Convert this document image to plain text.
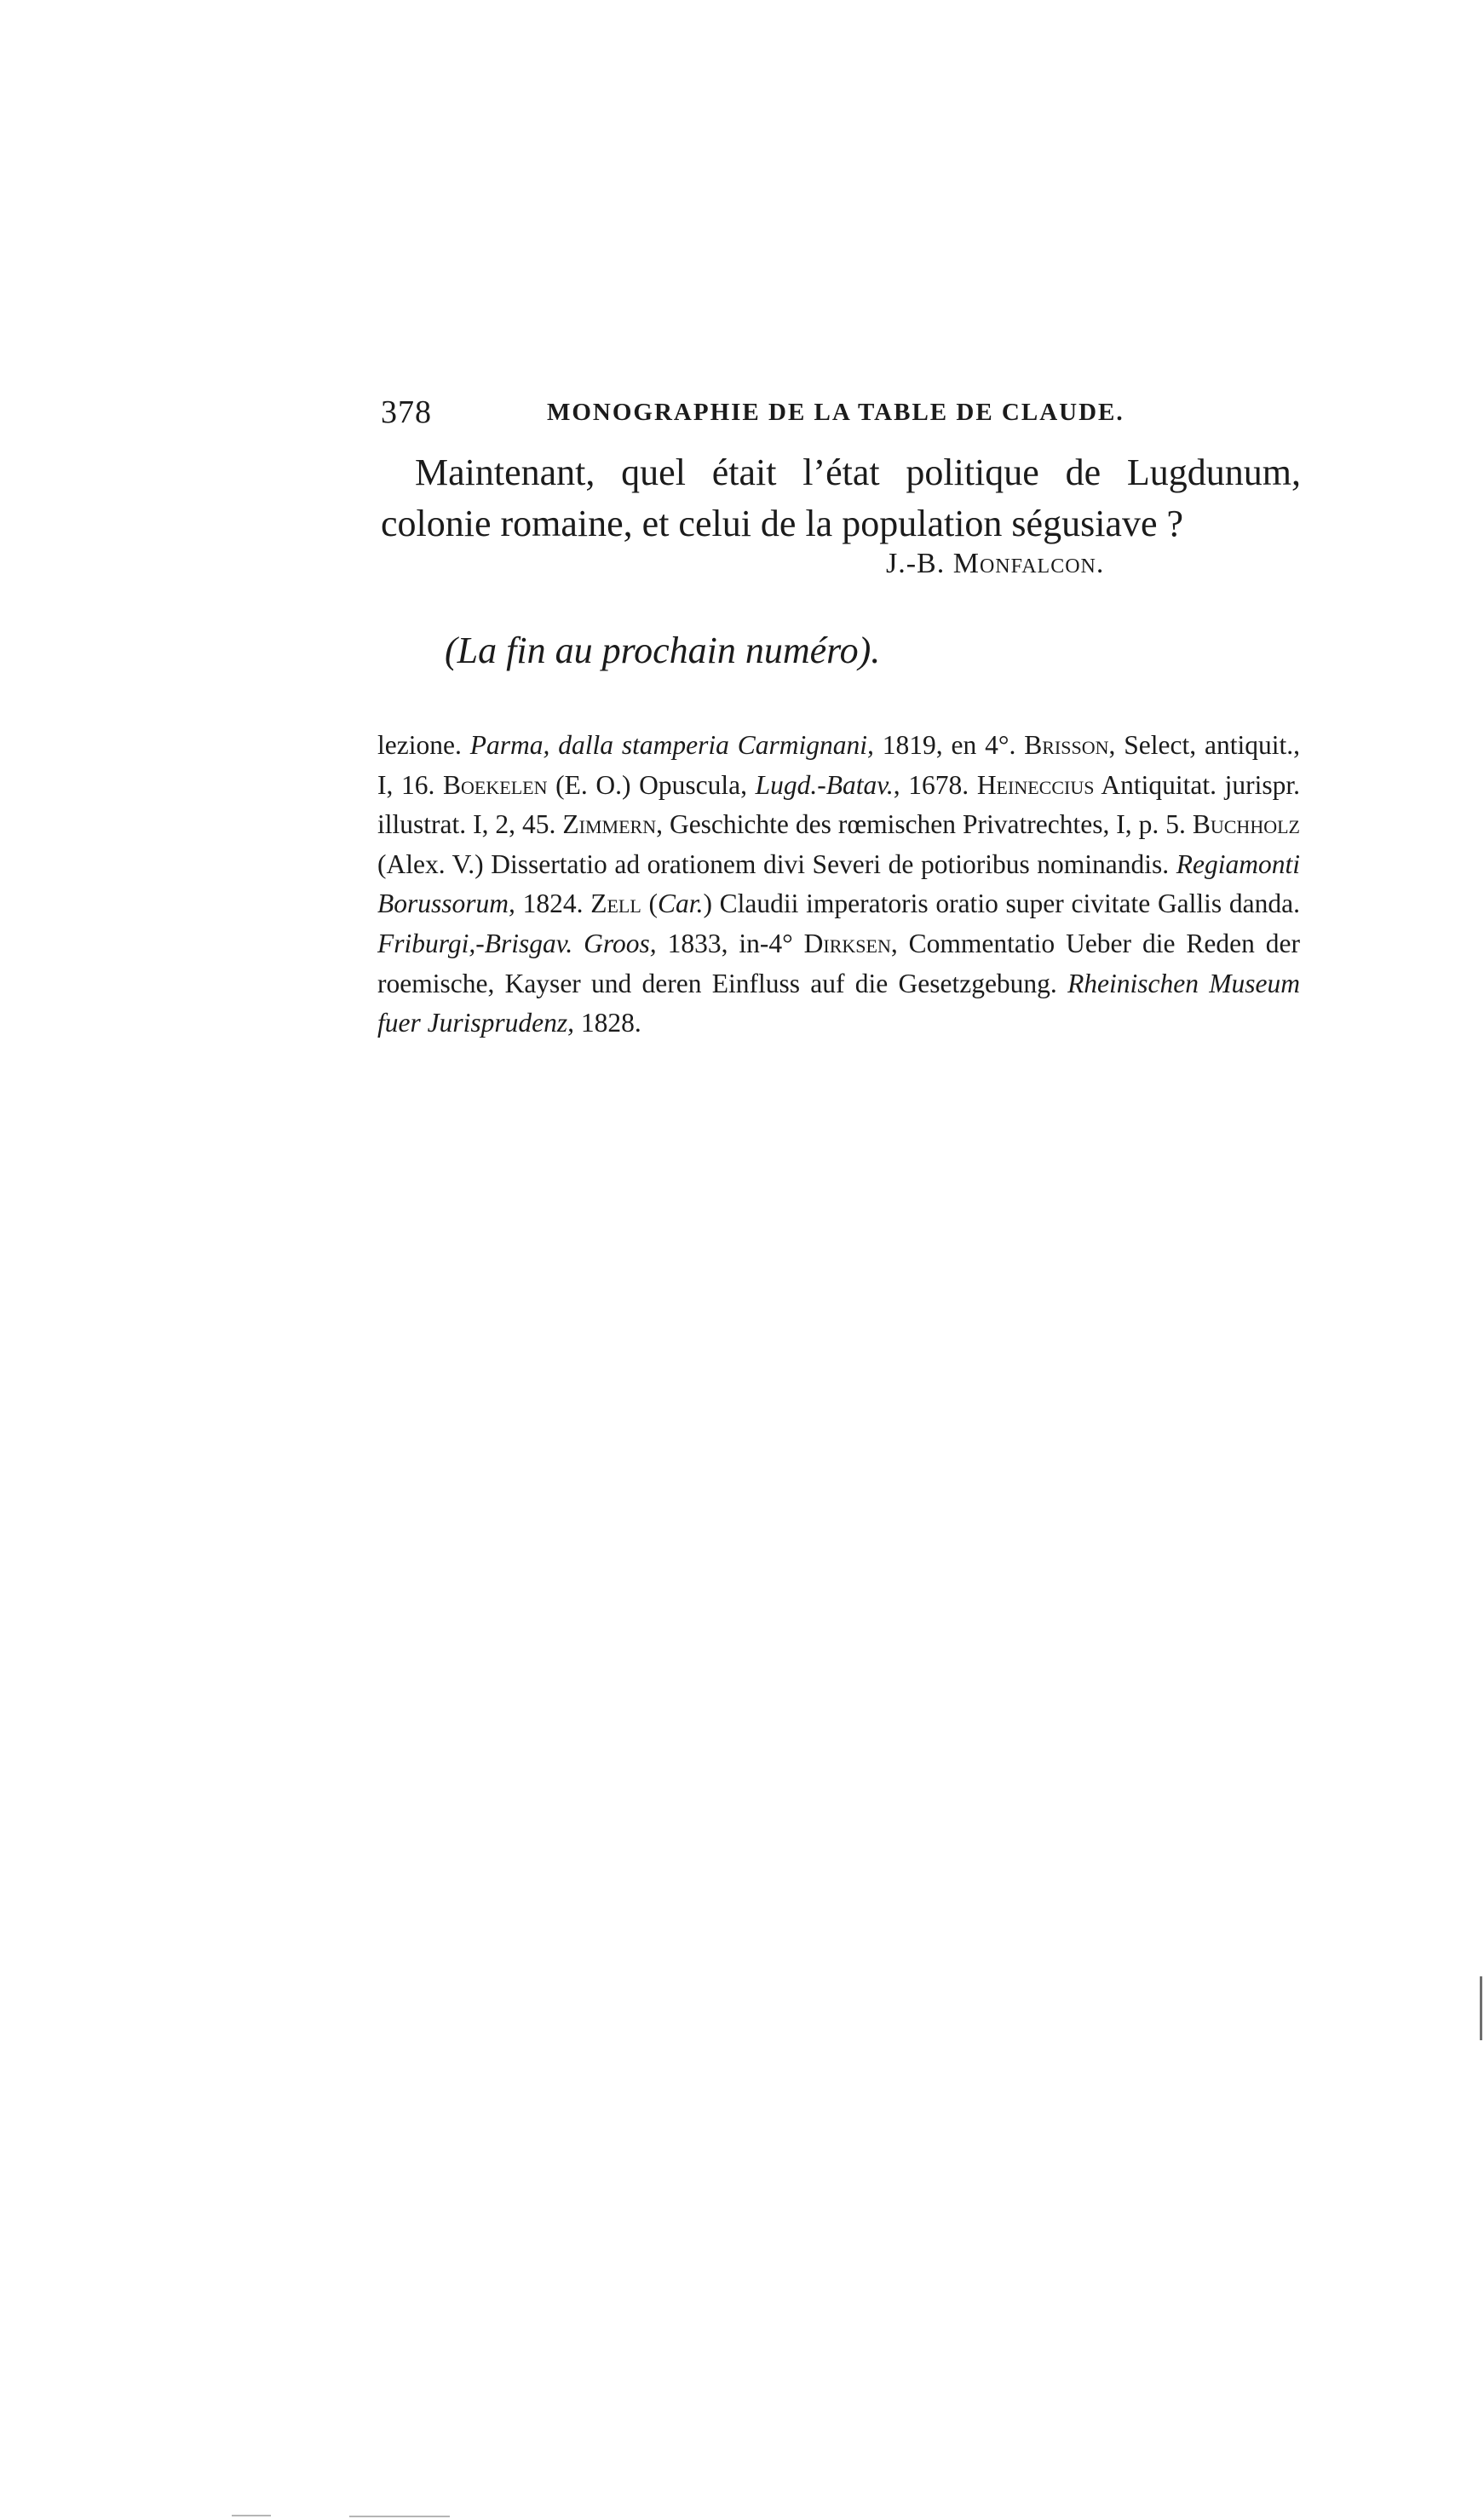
378	MONOGRAPHIE DE LA TABLE DE CLAUDE.

Maintenant, quel était l’état politique de Lugdunum, colonie romaine, et celui de la population ségusiave ?

J.-B. Monfalcon.
(La fin au prochain numéro).

lezione. Parma, dalla stamperia Carmignani, 1819, en 4°. Brisson, Select, antiquit., I, 16. Boekelen (E. O.) Opuscula, Lugd.-Batav., 1678. Heineccius Antiquitat. jurispr. illustrat. I, 2, 45. Zimmern, Geschichte des rœmischen Privatrechtes, I, p. 5. Buchholz (Alex. V.) Dissertatio ad orationem divi Severi de potioribus nominandis. Regiamonti Borussorum, 1824. Zell (Car.) Claudii imperatoris oratio super civitate Gallis danda. Friburgi,-Brisgav. Groos, 1833, in-4° Dirksen, Commentatio Ueber die Reden der roemische, Kayser und deren Einfluss auf die Gesetzgebung. Rheinischen Museum fuer Jurisprudenz, 1828.
